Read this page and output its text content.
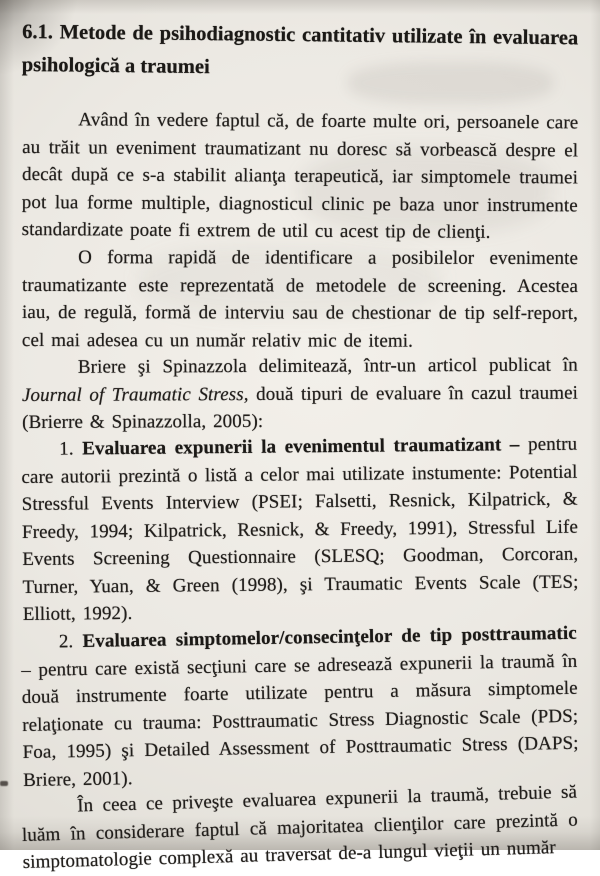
6.1. Metode de psihodiagnostic cantitativ utilizate în evaluarea
psihologică a traumei

Având în vedere faptul că, de foarte multe ori, persoanele care au trăit un eveniment traumatizant nu doresc să vorbească despre el decât după ce s-a stabilit alianţa terapeutică, iar simptomele traumei pot lua forme multiple, diagnosticul clinic pe baza unor instrumente standardizate poate fi extrem de util cu acest tip de clienţi.

O forma rapidă de identificare a posibilelor evenimente traumatizante este reprezentată de metodele de screening. Acestea iau, de regulă, formă de interviu sau de chestionar de tip self-report, cel mai adesea cu un număr relativ mic de itemi.

Briere şi Spinazzola delimitează, într-un articol publicat în Journal of Traumatic Stress, două tipuri de evaluare în cazul traumei (Brierre & Spinazzolla, 2005):

1. Evaluarea expunerii la evenimentul traumatizant – pentru care autorii prezintă o listă a celor mai utilizate instumente: Potential Stressful Events Interview (PSEI; Falsetti, Resnick, Kilpatrick, & Freedy, 1994; Kilpatrick, Resnick, & Freedy, 1991), Stressful Life Events Screening Questionnaire (SLESQ; Goodman, Corcoran, Turner, Yuan, & Green (1998), şi Traumatic Events Scale (TES; Elliott, 1992).

2. Evaluarea simptomelor/consecinţelor de tip posttraumatic – pentru care există secţiuni care se adresează expunerii la traumă în două instrumente foarte utilizate pentru a măsura simptomele relaţionate cu trauma: Posttraumatic Stress Diagnostic Scale (PDS; Foa, 1995) şi Detailed Assessment of Posttraumatic Stress (DAPS; Briere, 2001).

În ceea ce priveşte evaluarea expunerii la traumă, trebuie să luăm în considerare faptul că majoritatea clienţilor care prezintă o simptomatologie complexă au traversat de-a lungul vieţii un număr
